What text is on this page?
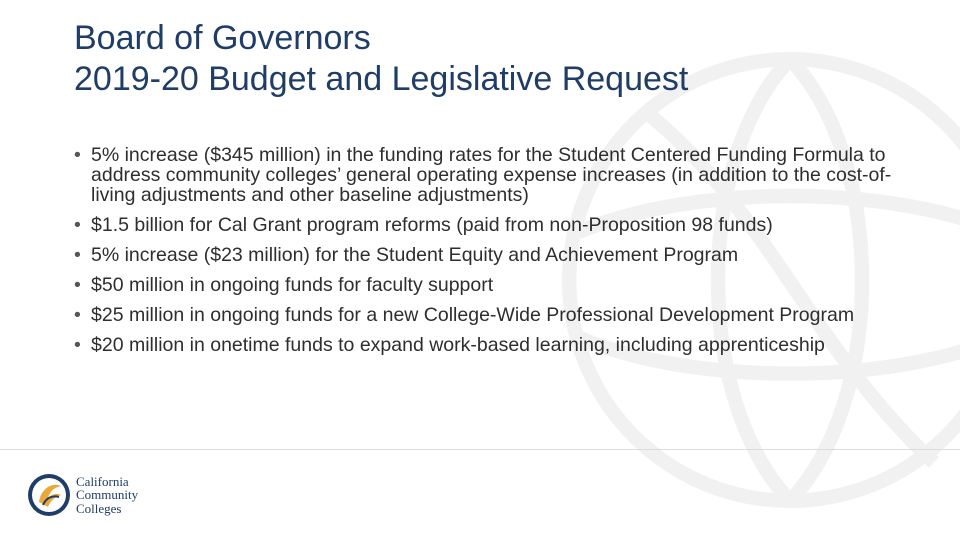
Board of Governors
2019-20 Budget and Legislative Request
• 5% increase ($345 million) in the funding rates for the Student Centered Funding Formula to address community colleges’ general operating expense increases (in addition to the cost-of-living adjustments and other baseline adjustments)
• $1.5 billion for Cal Grant program reforms (paid from non-Proposition 98 funds)
• 5% increase ($23 million) for the Student Equity and Achievement Program
• $50 million in ongoing funds for faculty support
• $25 million in ongoing funds for a new College-Wide Professional Development Program
• $20 million in onetime funds to expand work-based learning, including apprenticeship
California
Community
Colleges
